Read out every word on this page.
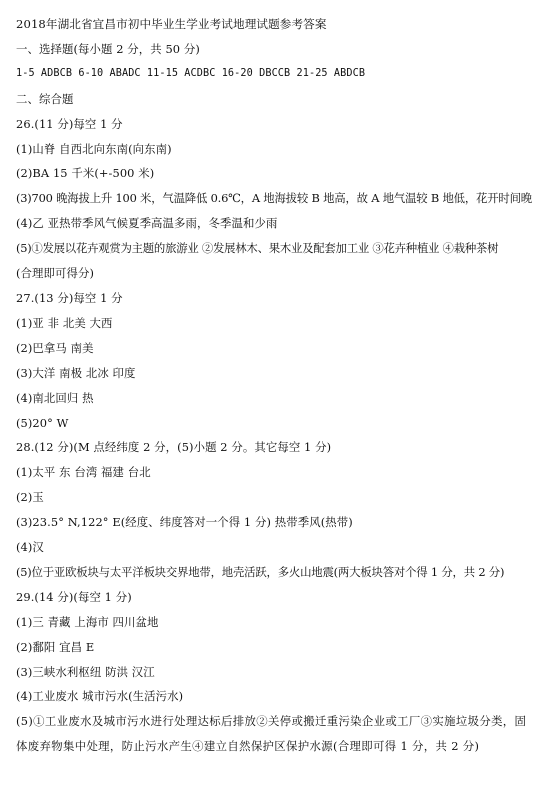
2018年湖北省宜昌市初中毕业生学业考试地理试题参考答案
一、选择题(每小题 2 分，共 50 分)
1-5 ADBCB 6-10 ABADC 11-15 ACDBC 16-20 DBCCB 21-25 ABDCB
二、综合题
26.(11 分)每空 1 分
(1)山脊 自西北向东南(向东南)
(2)BA 15 千米(+-500 米)
(3)700 晚海拔上升 100 米，气温降低 0.6℃，A 地海拔较 B 地高，故 A 地气温较 B 地低，花开时间晚
(4)乙 亚热带季风气候夏季高温多雨，冬季温和少雨
(5)①发展以花卉观赏为主题的旅游业 ②发展林木、果木业及配套加工业 ③花卉种植业 ④栽种茶树
(合理即可得分)
27.(13 分)每空 1 分
(1)亚 非 北美 大西
(2)巴拿马 南美
(3)大洋 南极 北冰 印度
(4)南北回归 热
(5)20° W
28.(12 分)(M 点经纬度 2 分，(5)小题 2 分。其它每空 1 分)
(1)太平 东 台湾 福建 台北
(2)玉
(3)23.5° N,122° E(经度、纬度答对一个得 1 分) 热带季风(热带)
(4)汉
(5)位于亚欧板块与太平洋板块交界地带，地壳活跃，多火山地震(两大板块答对个得 1 分，共 2 分)
29.(14 分)(每空 1 分)
(1)三 青藏 上海市 四川盆地
(2)鄱阳 宜昌 E
(3)三峡水利枢纽 防洪 汉江
(4)工业废水 城市污水(生活污水)
(5)①工业废水及城市污水进行处理达标后排放②关停或搬迁重污染企业或工厂③实施垃圾分类，固体废弃物集中处理，防止污水产生④建立自然保护区保护水源(合理即可得 1 分，共 2 分)
